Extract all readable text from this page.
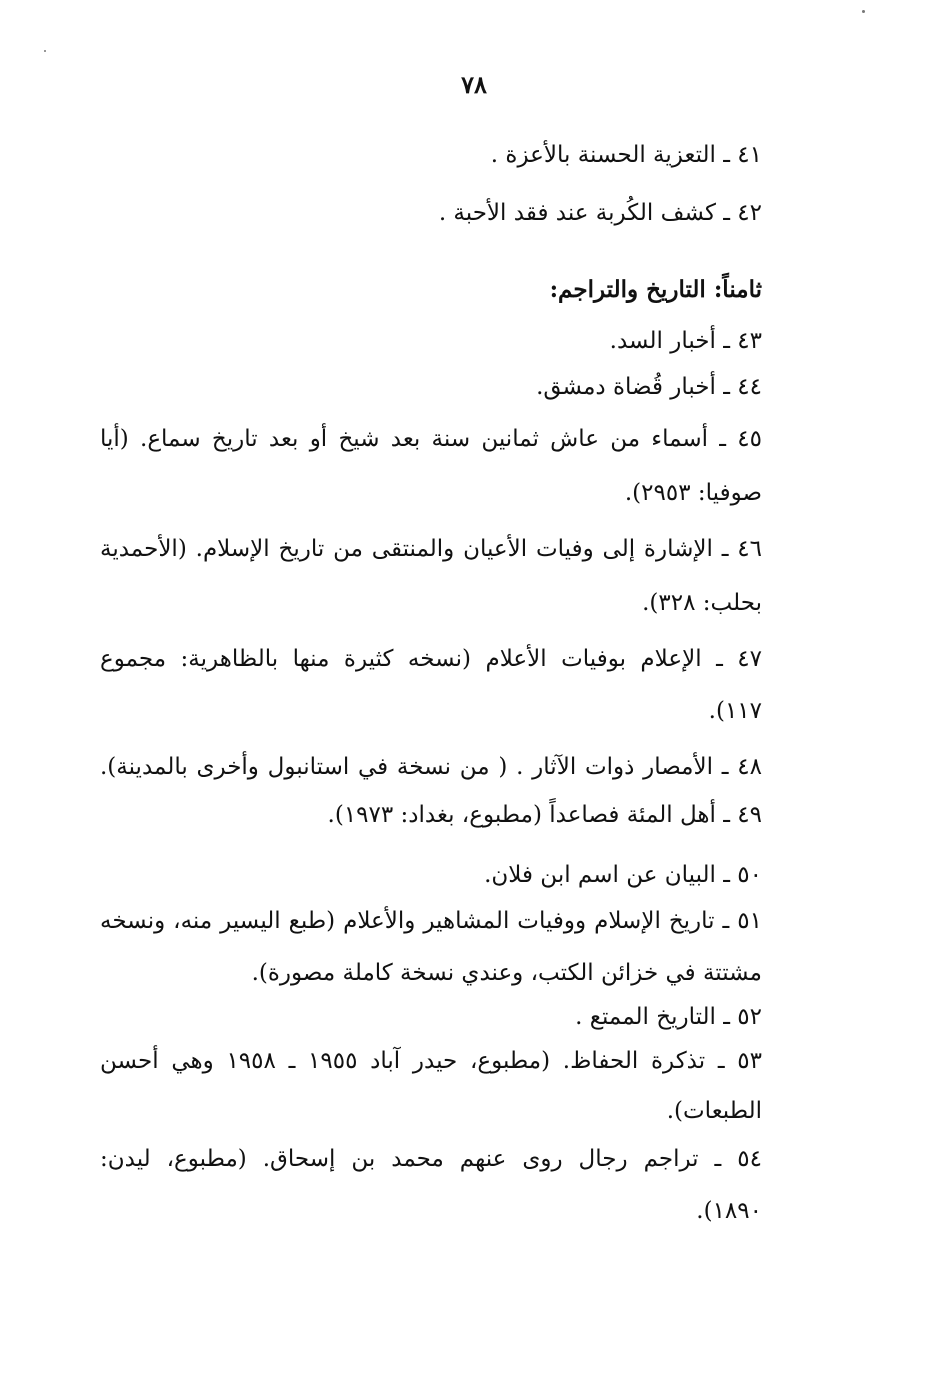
٧٨
٤١ ـ التعزية الحسنة بالأعزة .
٤٢ ـ كشف الكُربة عند فقد الأحبة .
ثامناً: التاريخ والتراجم:
٤٣ ـ أخبار السد.
٤٤ ـ أخبار قُضاة دمشق.
٤٥ ـ أسماء من عاش ثمانين سنة بعد شيخ أو بعد تاريخ سماع. (أيا
صوفيا: ٢٩٥٣).
٤٦ ـ الإشارة إلى وفيات الأعيان والمنتقى من تاريخ الإسلام. (الأحمدية
بحلب: ٣٢٨).
٤٧ ـ الإعلام بوفيات الأعلام (نسخه كثيرة منها بالظاهرية: مجموع
١١٧).
٤٨ ـ الأمصار ذوات الآثار . ( من نسخة في استانبول وأخرى بالمدينة).
٤٩ ـ أهل المئة فصاعداً (مطبوع، بغداد: ١٩٧٣).
٥٠ ـ البيان عن اسم ابن فلان.
٥١ ـ تاريخ الإسلام ووفيات المشاهير والأعلام (طبع اليسير منه، ونسخه
مشتتة في خزائن الكتب، وعندي نسخة كاملة مصورة).
٥٢ ـ التاريخ الممتع .
٥٣ ـ تذكرة الحفاظ. (مطبوع، حيدر آباد ١٩٥٥ ـ ١٩٥٨ وهي أحسن
الطبعات).
٥٤ ـ تراجم رجال روى عنهم محمد بن إسحاق. (مطبوع، ليدن:
١٨٩٠).
